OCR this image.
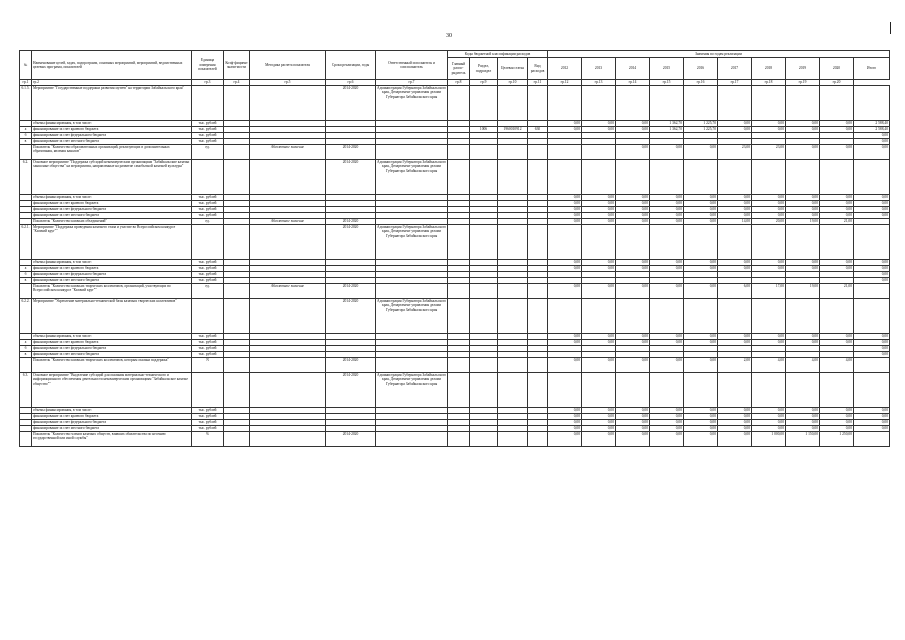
30
№	Наименование целей, задач, подпрограмм, основных мероприятий, мероприятий, ведомственных целевых программ, показателей	Единица измерения показателей	Коэф-фициент значи-мости	Методика расчета показателя	Сроки реализации, годы	Ответственный исполнитель и соисполнитель	Коды бюджетной классификации расходов				Значения по годам реализации									
							Главный распо-рядитель	Раздел, подраздел	Целевая статья	Вид расходов	2012	2013	2014	2015	2016	2017	2018	2019	2020	Итого
гр.1	гр.2	гр.3	гр.4	гр.5	гр.6	гр.7	гр.8	гр.9	гр.10	гр.11	гр.12	гр.13	гр.14	гр.15	гр.16	гр.17	гр.18	гр.19	гр.20	
6.1.5.	Мероприятие "Государственные поддержки развития музеев" на территории Забайкальского края"				2014-2020	Администрация Губернатора Забайкальского края, Департамент управления делами Губернатора Забайкальского края														
	объемы финансирования, в том числе:	тыс. рублей									0,00	0,00	0,00	1 362,70	1 225,70	0,00	0,00	0,00	0,00	2 588,40
а	финансирование за счет краевого бюджета	тыс. рублей						1006	1960010912	630	0,00	0,00	0,00	1 362,70	1 225,70	0,00	0,00	0,00	0,00	2 588,40
б	финансирование за счет федерального бюджета	тыс. рублей																		0,00
в	финансирование за счет местного бюджета	тыс. рублей																		0,00
	Показатель "Количество образовательных организаций, реализующих в дополнительных образования, явления каналов"	ед.		Абсолютное значение	2014-2020								0,00	0,00	0,00	23,00	23,00	0,00	0,00	0,00
6.2.	Основное мероприятие "Поддержка субсидий некоммерческим организациям "Забайкальские казачьи ханшоные общества" на мероприятия, направленные на развитие самобытной казачьей культуры"				2014-2020	Администрация Губернатора Забайкальского края, Департамент управления делами Губернатора Забайкальского края														
	объемы финансирования, в том числе:	тыс. рублей									0,00	0,00	0,00	0,00	0,00	0,00	0,00	0,00	0,00	0,00
	финансирование за счет краевого бюджета	тыс. рублей									0,00	0,00	0,00	0,00	0,00	0,00	0,00	0,00	0,00	0,00
	финансирование за счет федерального бюджета	тыс. рублей									0,00	0,00	0,00	0,00	0,00	0,00	0,00	0,00	0,00	0,00
	финансирование за счет местного бюджета	тыс. рублей									0,00	0,00	0,00	0,00	0,00	0,00	0,00	0,00	0,00	0,00
	Показатель "Количество казачьих объединений"	ед.		Абсолютное значение	2014-2020						0,00	0,00	0,00	0,00	0,00	14,00	20,00	19,00	21,00	
6.2.1.	Мероприятие "Поддержка проведения казачьего этапа и участие во Всероссийском конкурсе "Казачий круг""				2014-2020	Администрация Губернатора Забайкальского края, Департамент управления делами Губернатора Забайкальского края														
	объемы финансирования, в том числе:	тыс. рублей									0,00	0,00	0,00	0,00	0,00	0,00	0,00	0,00	0,00	0,00
а	финансирование за счет краевого бюджета	тыс. рублей									0,00	0,00	0,00	0,00	0,00	0,00	0,00	0,00	0,00	0,00
б	финансирование за счет федерального бюджета	тыс. рублей																		0,00
в	финансирование за счет местного бюджета	тыс. рублей																		0,00
	Показатель "Количество казачьих творческих коллективов, организаций, участвующих во Всероссийском конкурсе "Казачий круг""	ед.		Абсолютное значение	2014-2020						0,00	0,00	0,00	0,00	0,00	6,00	17,00	19,00	21,00	
6.2.2.	Мероприятие "Укрепление материально-технической базы казачьих творческих коллективов"				2014-2020	Администрация Губернатора Забайкальского края, Департамент управления делами Губернатора Забайкальского края														
	объемы финансирования, в том числе:	тыс. рублей									0,00	0,00	0,00	0,00	0,00	0,00	0,00	0,00	0,00	0,00
а	финансирование за счет краевого бюджета	тыс. рублей									0,00	0,00	0,00	0,00	0,00	0,00	0,00	0,00	0,00	0,00
б	финансирование за счет федерального бюджета	тыс. рублей																		0,00
в	финансирование за счет местного бюджета	тыс. рублей																		0,00
	Показатель "Количество казачьих творческих коллективов, которым оказана поддержка"	N			2014-2020						0,00	0,00	0,00	0,00	0,00	2,00	4,00	4,00	4,00	
6.3.	Основное мероприятие "Выделение субсидий для оказания материально-технического и информационного обеспечения деятельности некоммерческим организациям "Забайкальское казачье общество""				2014-2020	Администрация Губернатора Забайкальского края, Департамент управления делами Губернатора Забайкальского края														
	объемы финансирования, в том числе:	тыс. рублей									0,00	0,00	0,00	0,00	0,00	0,00	0,00	0,00	0,00	0,00
	финансирование за счет краевого бюджета	тыс. рублей									0,00	0,00	0,00	0,00	0,00	0,00	0,00	0,00	0,00	0,00
	финансирование за счет федерального бюджета	тыс. рублей									0,00	0,00	0,00	0,00	0,00	0,00	0,00	0,00	0,00	0,00
	финансирование за счет местного бюджета	тыс. рублей									0,00	0,00	0,00	0,00	0,00	0,00	0,00	0,00	0,00	0,00
	Показатель "Количество членов казачьих обществ, взявших обязательства по несению государственной или иной службы"	%			2014-2020						0,00	0,00	0,00	0,00	0,00	0,00	1 000,00	1 150,00	1 250,00	
